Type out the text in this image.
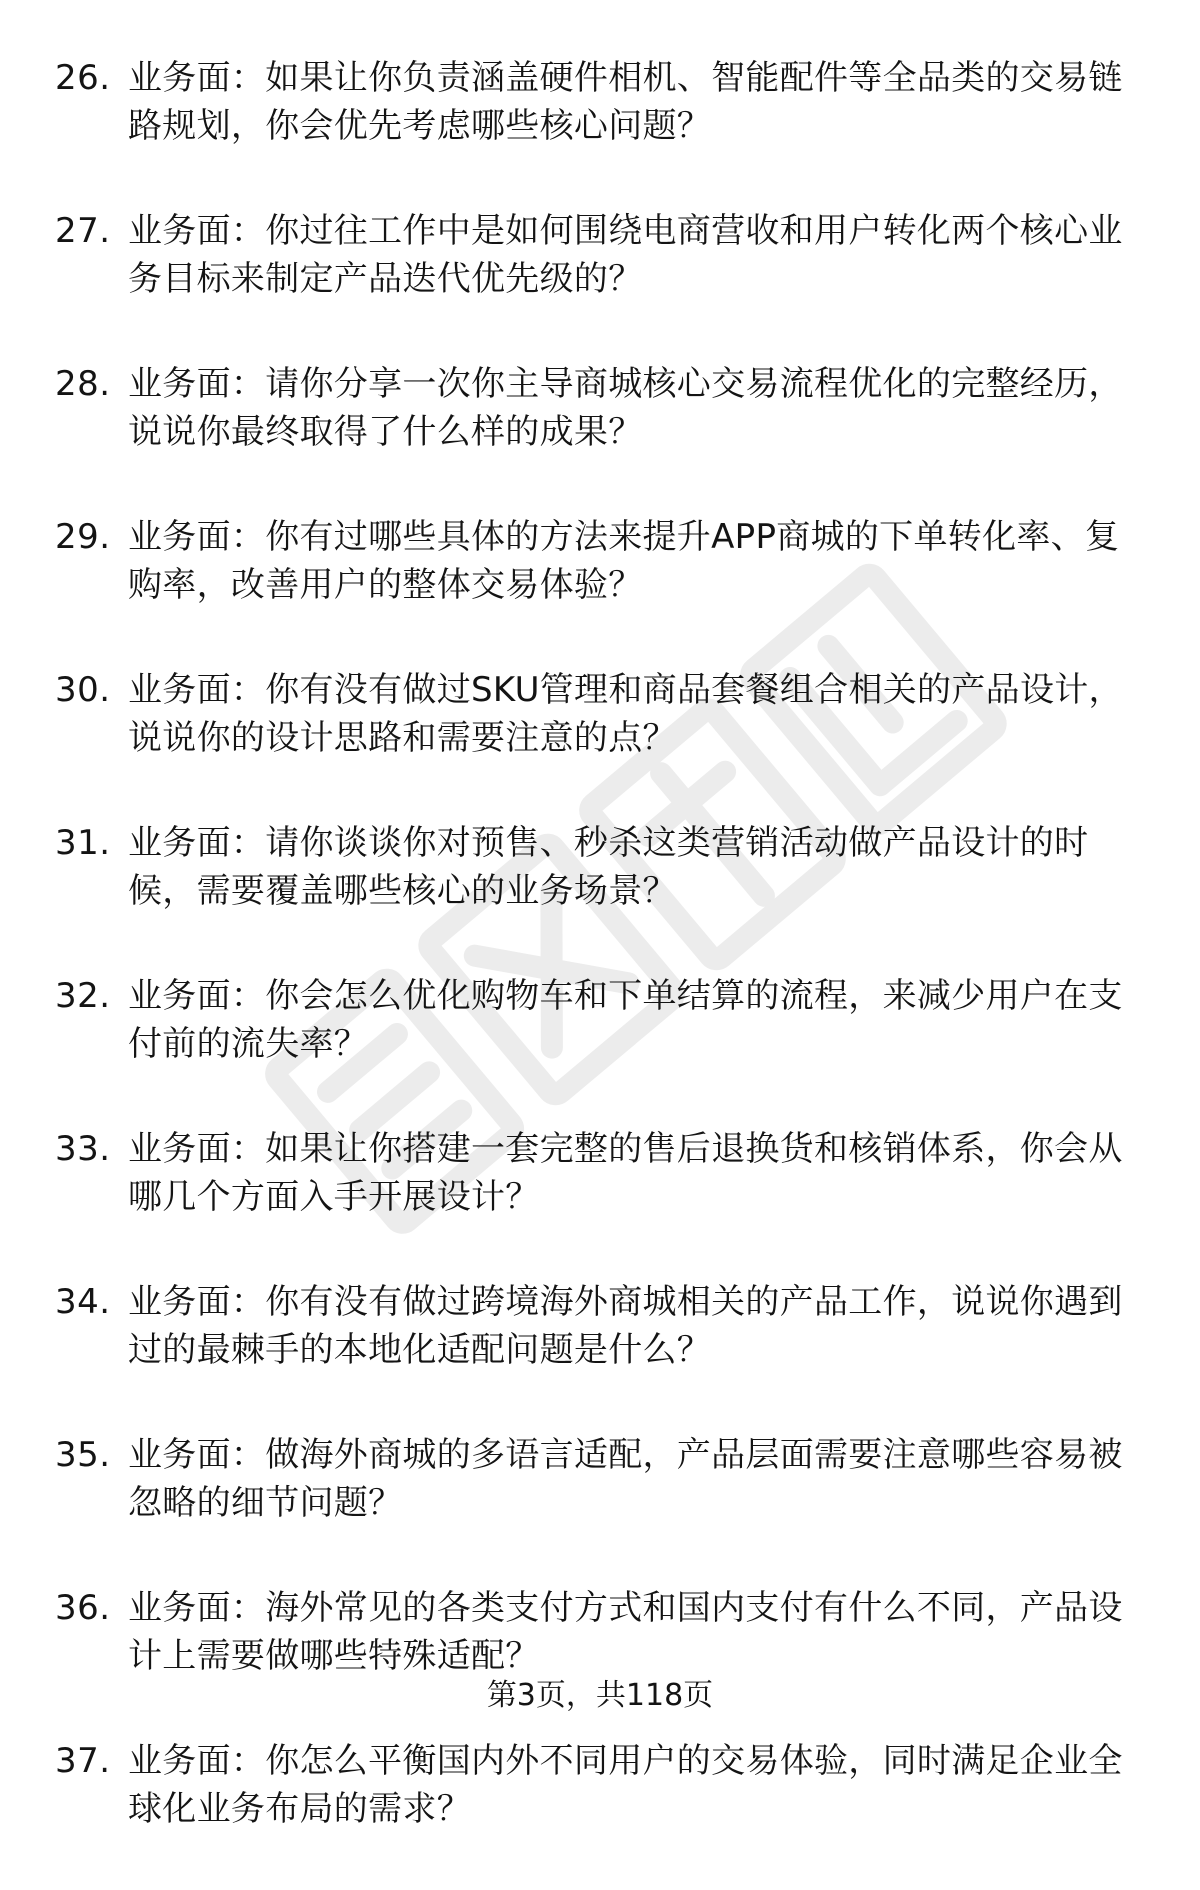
26. 业务面：如果让你负责涵盖硬件相机、智能配件等全品类的交易链路规划，你会优先考虑哪些核心问题？
27. 业务面：你过往工作中是如何围绕电商营收和用户转化两个核心业务目标来制定产品迭代优先级的？
28. 业务面：请你分享一次你主导商城核心交易流程优化的完整经历，说说你最终取得了什么样的成果？
29. 业务面：你有过哪些具体的方法来提升APP商城的下单转化率、复购率，改善用户的整体交易体验？
30. 业务面：你有没有做过SKU管理和商品套餐组合相关的产品设计，说说你的设计思路和需要注意的点？
31. 业务面：请你谈谈你对预售、秒杀这类营销活动做产品设计的时候，需要覆盖哪些核心的业务场景？
32. 业务面：你会怎么优化购物车和下单结算的流程，来减少用户在支付前的流失率？
33. 业务面：如果让你搭建一套完整的售后退换货和核销体系，你会从哪几个方面入手开展设计？
34. 业务面：你有没有做过跨境海外商城相关的产品工作，说说你遇到过的最棘手的本地化适配问题是什么？
35. 业务面：做海外商城的多语言适配，产品层面需要注意哪些容易被忽略的细节问题？
36. 业务面：海外常见的各类支付方式和国内支付有什么不同，产品设计上需要做哪些特殊适配？
37. 业务面：你怎么平衡国内外不同用户的交易体验，同时满足企业全球化业务布局的需求？
第3页，共118页
